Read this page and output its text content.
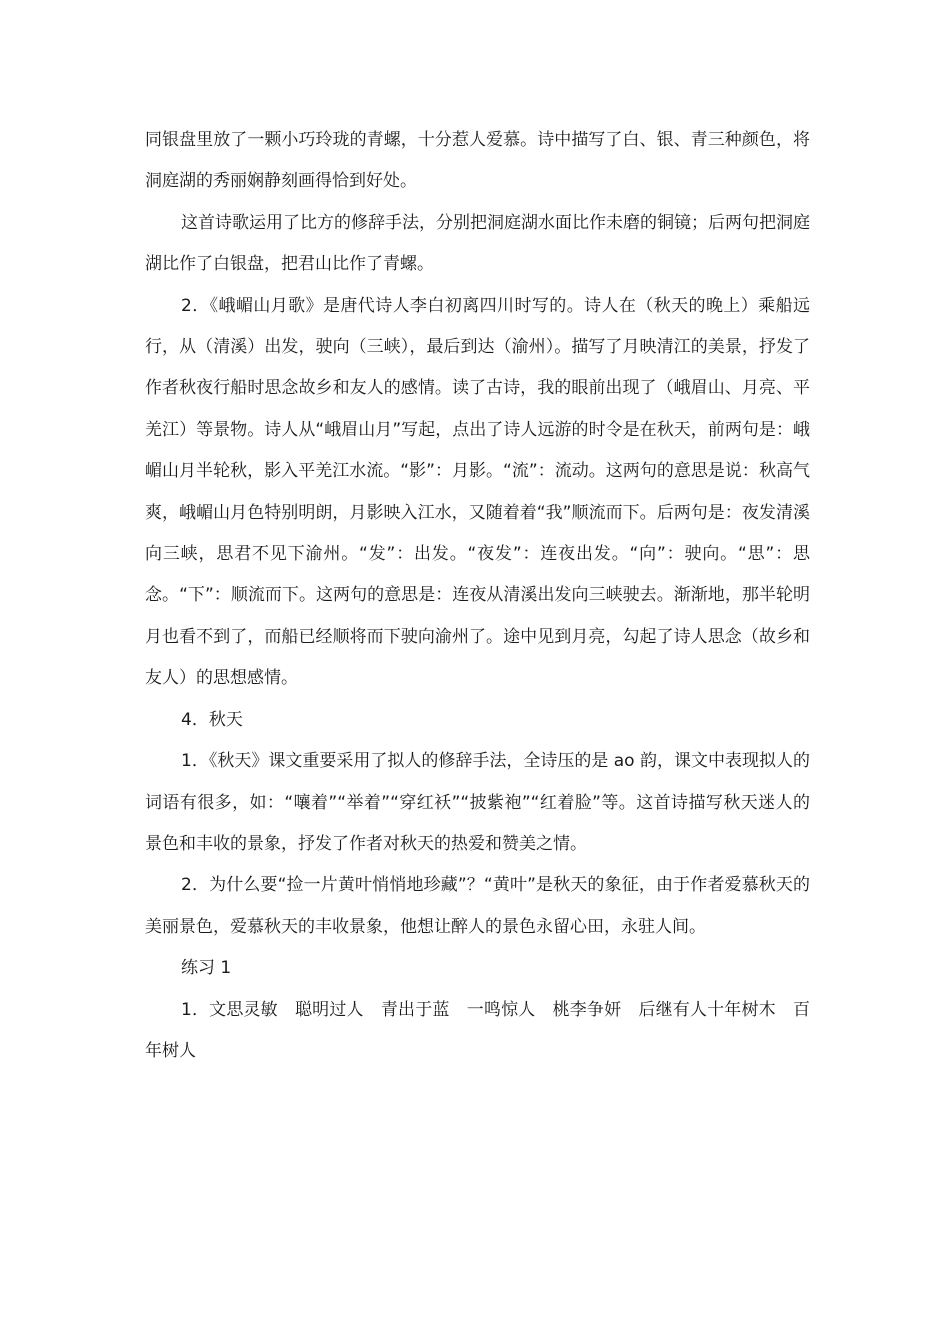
同银盘里放了一颗小巧玲珑的青螺，十分惹人爱慕。诗中描写了白、银、青三种颜色，将洞庭湖的秀丽娴静刻画得恰到好处。

这首诗歌运用了比方的修辞手法，分别把洞庭湖水面比作未磨的铜镜；后两句把洞庭湖比作了白银盘，把君山比作了青螺。

2．《峨嵋山月歌》是唐代诗人李白初离四川时写的。诗人在（秋天的晚上）乘船远行，从（清溪）出发，驶向（三峡），最后到达（渝州）。描写了月映清江的美景，抒发了作者秋夜行船时思念故乡和友人的感情。读了古诗，我的眼前出现了（峨眉山、月亮、平羌江）等景物。诗人从“峨眉山月”写起，点出了诗人远游的时令是在秋天，前两句是：峨嵋山月半轮秋，影入平羌江水流。“影”：月影。“流”：流动。这两句的意思是说：秋高气爽，峨嵋山月色特别明朗，月影映入江水，又随着着“我”顺流而下。后两句是：夜发清溪向三峡，思君不见下渝州。“发”：出发。“夜发”：连夜出发。“向”：驶向。“思”：思念。“下”：顺流而下。这两句的意思是：连夜从清溪出发向三峡驶去。渐渐地，那半轮明月也看不到了，而船已经顺将而下驶向渝州了。途中见到月亮，勾起了诗人思念（故乡和友人）的思想感情。

4．秋天

1．《秋天》课文重要采用了拟人的修辞手法，全诗压的是 ao 韵，课文中表现拟人的词语有很多，如：“嚷着”“举着”“穿红袄”“披紫袍”“红着脸”等。这首诗描写秋天迷人的景色和丰收的景象，抒发了作者对秋天的热爱和赞美之情。

2．为什么要“捡一片黄叶悄悄地珍藏”？“黄叶”是秋天的象征，由于作者爱慕秋天的美丽景色，爱慕秋天的丰收景象，他想让醉人的景色永留心田，永驻人间。

练习 1

1．文思灵敏　聪明过人　青出于蓝　一鸣惊人　桃李争妍　后继有人十年树木　百年树人
